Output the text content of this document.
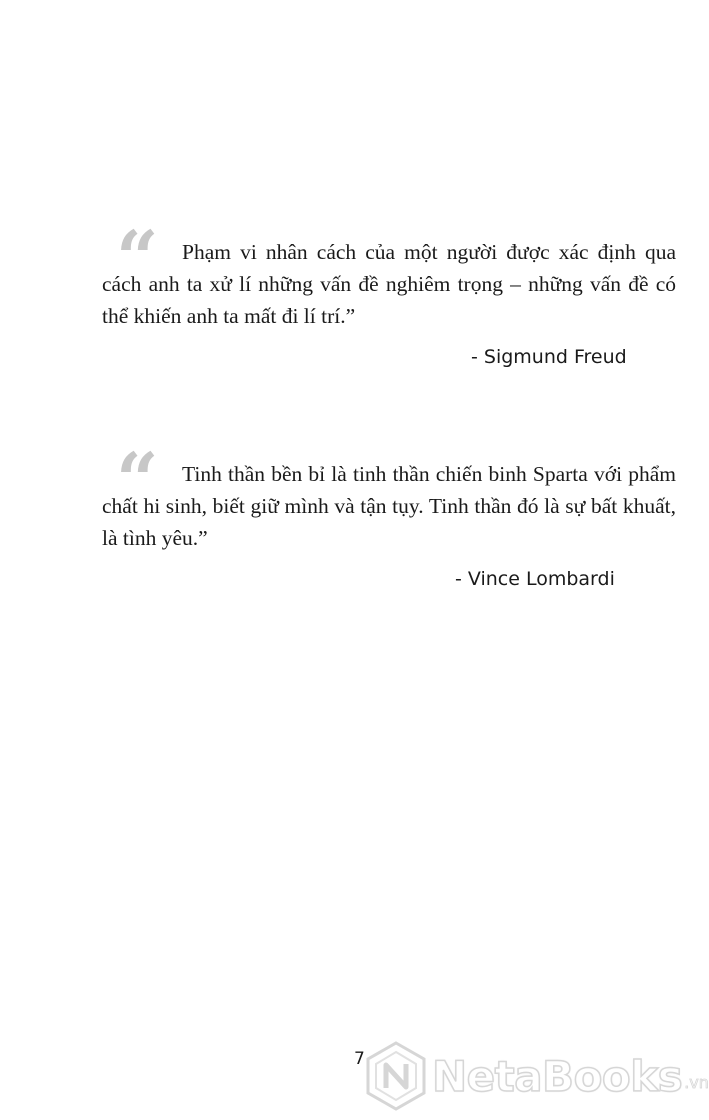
“	Phạm vi nhân cách của một người được xác định qua cách anh ta xử lí những vấn đề nghiêm trọng – những vấn đề có thể khiến anh ta mất đi lí trí.”

- Sigmund Freud
“	Tinh thần bền bỉ là tinh thần chiến binh Sparta với phẩm chất hi sinh, biết giữ mình và tận tụy. Tinh thần đó là sự bất khuất, là tình yêu.”

- Vince Lombardi
7 NetaBooks .vn
